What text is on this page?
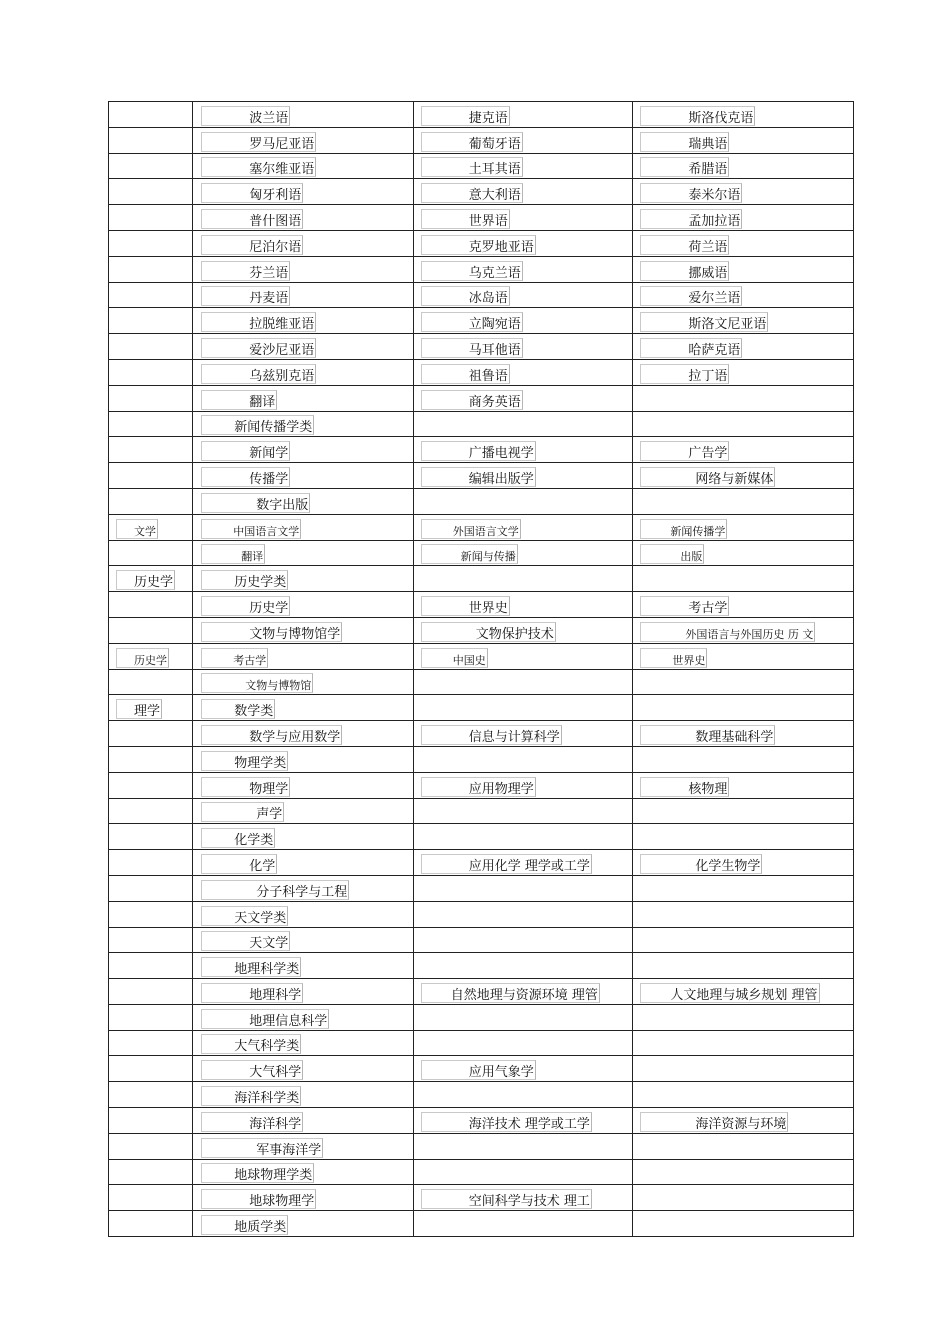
	波兰语	捷克语	斯洛伐克语
	罗马尼亚语	葡萄牙语	瑞典语
	塞尔维亚语	土耳其语	希腊语
	匈牙利语	意大利语	泰米尔语
	普什图语	世界语	孟加拉语
	尼泊尔语	克罗地亚语	荷兰语
	芬兰语	乌克兰语	挪威语
	丹麦语	冰岛语	爱尔兰语
	拉脱维亚语	立陶宛语	斯洛文尼亚语
	爱沙尼亚语	马耳他语	哈萨克语
	乌兹别克语	祖鲁语	拉丁语
	翻译	商务英语	
	新闻传播学类		
	新闻学	广播电视学	广告学
	传播学	编辑出版学	网络与新媒体
	数字出版		
文学	中国语言文学	外国语言文学	新闻传播学
	翻译	新闻与传播	出版
历史学	历史学类		
	历史学	世界史	考古学
	文物与博物馆学	文物保护技术	外国语言与外国历史 历 文
历史学	考古学	中国史	世界史
	文物与博物馆		
理学	数学类		
	数学与应用数学	信息与计算科学	数理基础科学
	物理学类		
	物理学	应用物理学	核物理
	声学		
	化学类		
	化学	应用化学 理学或工学	化学生物学
	分子科学与工程		
	天文学类		
	天文学		
	地理科学类		
	地理科学	自然地理与资源环境 理管	人文地理与城乡规划 理管
	地理信息科学		
	大气科学类		
	大气科学	应用气象学	
	海洋科学类		
	海洋科学	海洋技术 理学或工学	海洋资源与环境
	军事海洋学		
	地球物理学类		
	地球物理学	空间科学与技术 理工	
	地质学类		
